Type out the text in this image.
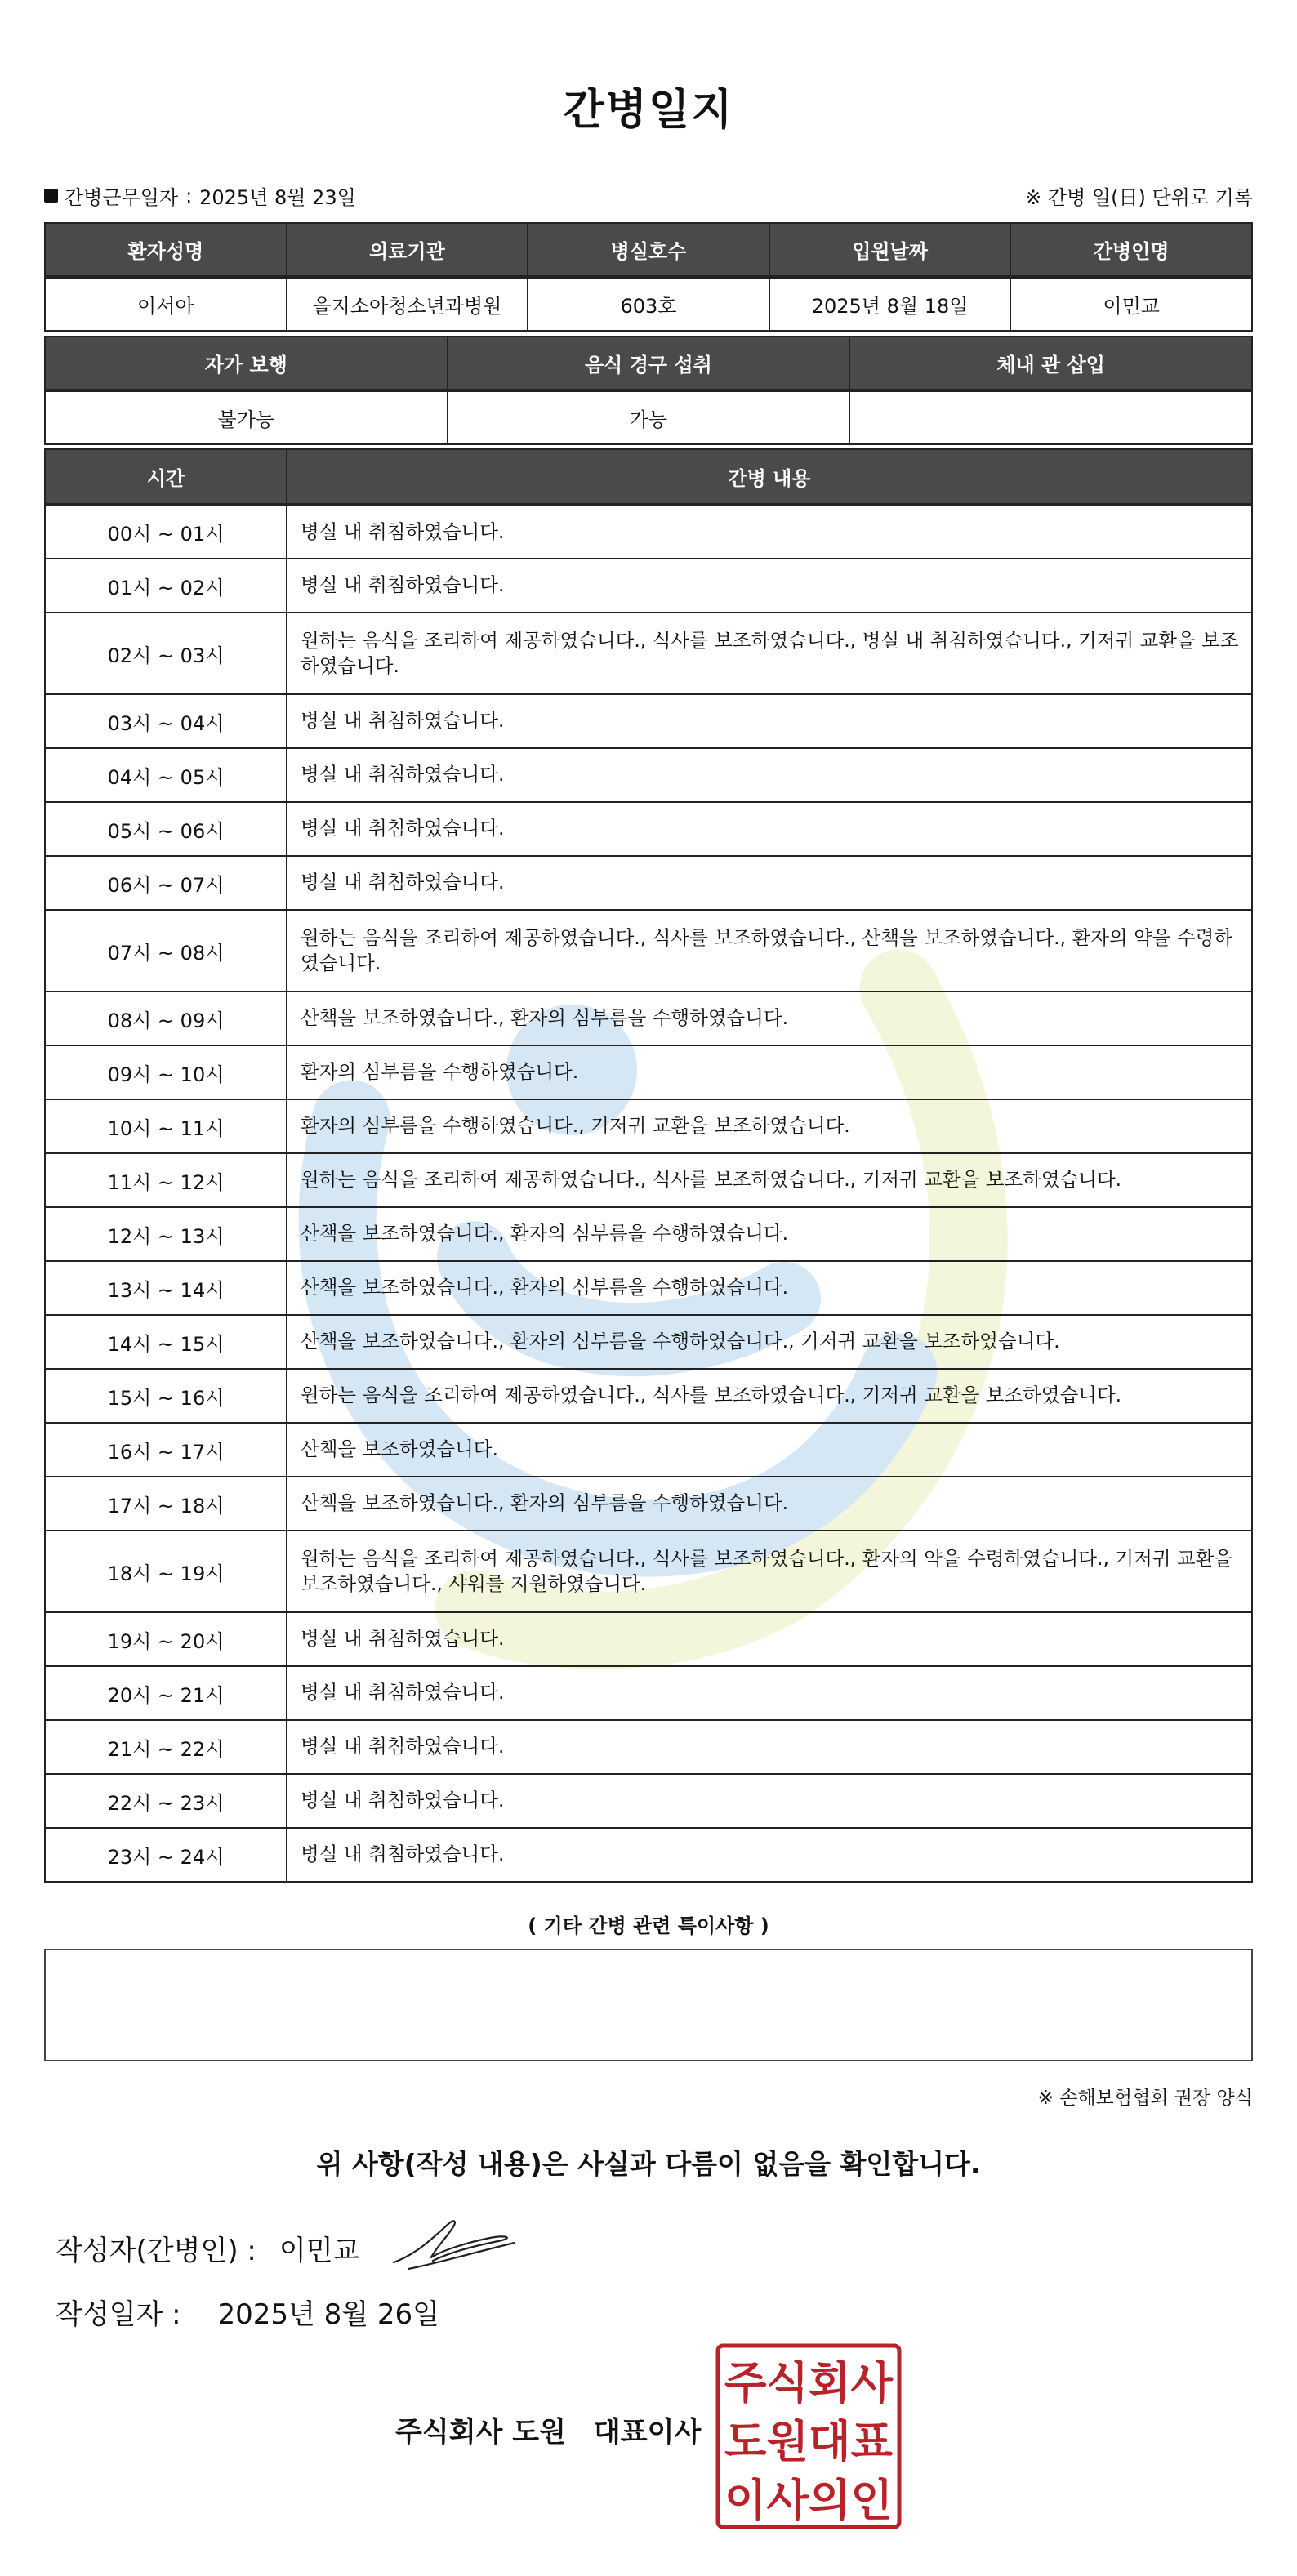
간병일지
간병근무일자 : 2025년 8월 23일	※ 간병 일(日) 단위로 기록
환자성명	의료기관	병실호수	입원날짜	간병인명
이서아	을지소아청소년과병원	603호	2025년 8월 18일	이민교
자가 보행	음식 경구 섭취	체내 관 삽입
불가능	가능	
시간	간병 내용
00시 ~ 01시	병실 내 취침하였습니다.
01시 ~ 02시	병실 내 취침하였습니다.
02시 ~ 03시	원하는 음식을 조리하여 제공하였습니다., 식사를 보조하였습니다., 병실 내 취침하였습니다., 기저귀 교환을 보조하였습니다.
03시 ~ 04시	병실 내 취침하였습니다.
04시 ~ 05시	병실 내 취침하였습니다.
05시 ~ 06시	병실 내 취침하였습니다.
06시 ~ 07시	병실 내 취침하였습니다.
07시 ~ 08시	원하는 음식을 조리하여 제공하였습니다., 식사를 보조하였습니다., 산책을 보조하였습니다., 환자의 약을 수령하였습니다.
08시 ~ 09시	산책을 보조하였습니다., 환자의 심부름을 수행하였습니다.
09시 ~ 10시	환자의 심부름을 수행하였습니다.
10시 ~ 11시	환자의 심부름을 수행하였습니다., 기저귀 교환을 보조하였습니다.
11시 ~ 12시	원하는 음식을 조리하여 제공하였습니다., 식사를 보조하였습니다., 기저귀 교환을 보조하였습니다.
12시 ~ 13시	산책을 보조하였습니다., 환자의 심부름을 수행하였습니다.
13시 ~ 14시	산책을 보조하였습니다., 환자의 심부름을 수행하였습니다.
14시 ~ 15시	산책을 보조하였습니다., 환자의 심부름을 수행하였습니다., 기저귀 교환을 보조하였습니다.
15시 ~ 16시	원하는 음식을 조리하여 제공하였습니다., 식사를 보조하였습니다., 기저귀 교환을 보조하였습니다.
16시 ~ 17시	산책을 보조하였습니다.
17시 ~ 18시	산책을 보조하였습니다., 환자의 심부름을 수행하였습니다.
18시 ~ 19시	원하는 음식을 조리하여 제공하였습니다., 식사를 보조하였습니다., 환자의 약을 수령하였습니다., 기저귀 교환을 보조하였습니다., 샤워를 지원하였습니다.
19시 ~ 20시	병실 내 취침하였습니다.
20시 ~ 21시	병실 내 취침하였습니다.
21시 ~ 22시	병실 내 취침하였습니다.
22시 ~ 23시	병실 내 취침하였습니다.
23시 ~ 24시	병실 내 취침하였습니다.
( 기타 간병 관련 특이사항 )
※ 손해보험협회 권장 양식
위 사항(작성 내용)은 사실과 다름이 없음을 확인합니다.
작성자(간병인) : 이민교
작성일자 : 2025년 8월 26일
주식회사 도원 대표이사
주식회사
도원대표
이사의인
